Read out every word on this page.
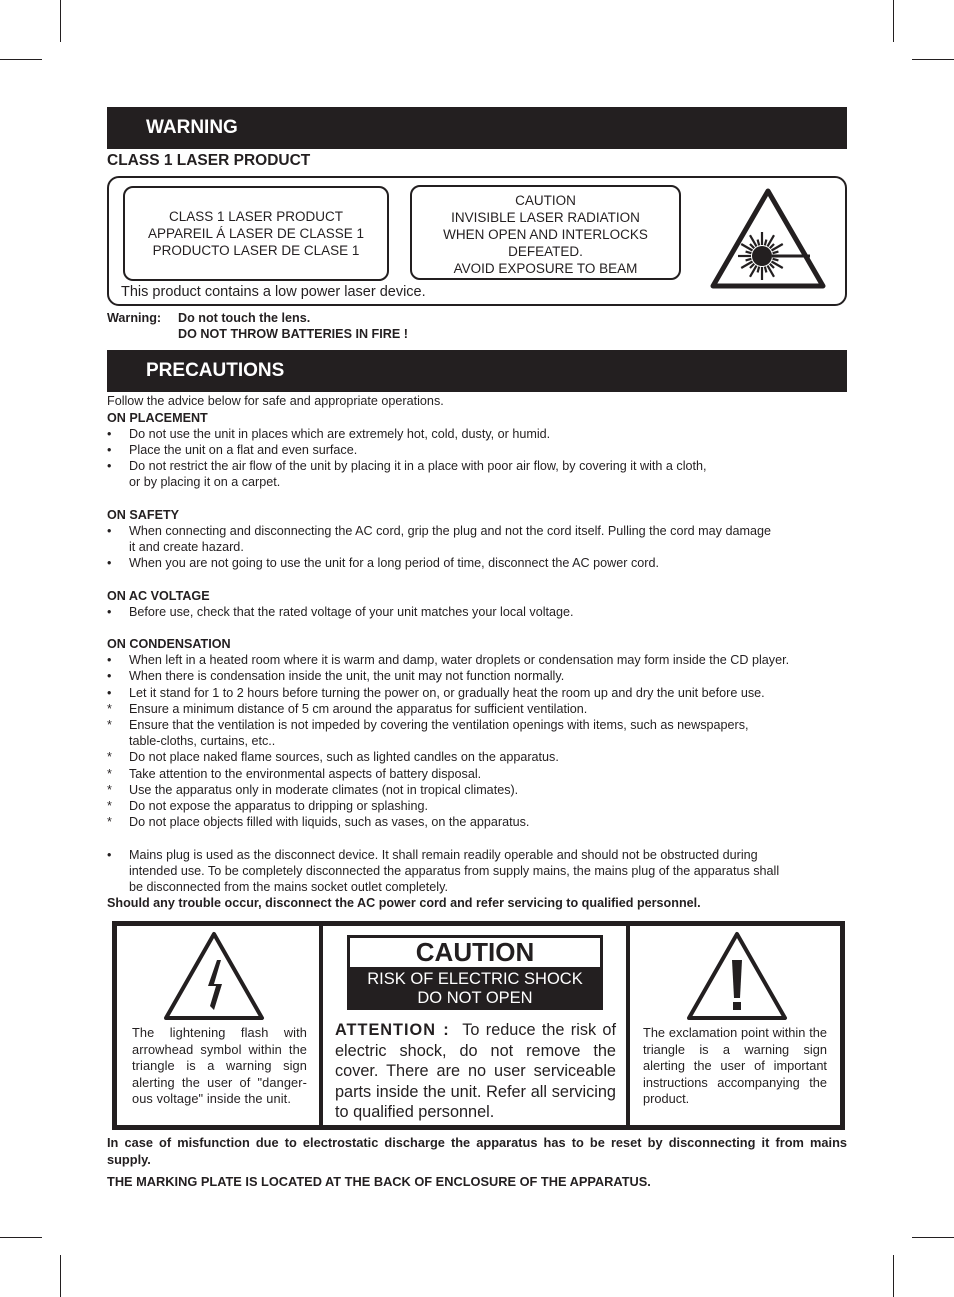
WARNING
CLASS 1 LASER PRODUCT
CLASS 1 LASER PRODUCT
APPAREIL Á LASER DE CLASSE 1
PRODUCTO LASER DE CLASE 1
CAUTION
INVISIBLE LASER RADIATION
WHEN OPEN AND INTERLOCKS
DEFEATED.
AVOID EXPOSURE TO BEAM
This product contains a low power laser device.
Warning: Do not touch the lens.
DO NOT THROW BATTERIES IN FIRE !
PRECAUTIONS
Follow the advice below for safe and appropriate operations.
ON PLACEMENT
• Do not use the unit in places which are extremely hot, cold, dusty, or humid.
• Place the unit on a flat and even surface.
• Do not restrict the air flow of the unit by placing it in a place with poor air flow, by covering it with a cloth,
or by placing it on a carpet.
ON SAFETY
• When connecting and disconnecting the AC cord, grip the plug and not the cord itself. Pulling the cord may damage
it and create hazard.
• When you are not going to use the unit for a long period of time, disconnect the AC power cord.
ON AC VOLTAGE
• Before use, check that the rated voltage of your unit matches your local voltage.
ON CONDENSATION
• When left in a heated room where it is warm and damp, water droplets or condensation may form inside the CD player.
• When there is condensation inside the unit, the unit may not function normally.
• Let it stand for 1 to 2 hours before turning the power on, or gradually heat the room up and dry the unit before use.
* Ensure a minimum distance of 5 cm around the apparatus for sufficient ventilation.
* Ensure that the ventilation is not impeded by covering the ventilation openings with items, such as newspapers,
table-cloths, curtains, etc..
* Do not place naked flame sources, such as lighted candles on the apparatus.
* Take attention to the environmental aspects of battery disposal.
* Use the apparatus only in moderate climates (not in tropical climates).
* Do not expose the apparatus to dripping or splashing.
* Do not place objects filled with liquids, such as vases, on the apparatus.
• Mains plug is used as the disconnect device. It shall remain readily operable and should not be obstructed during
intended use. To be completely disconnected the apparatus from supply mains, the mains plug of the apparatus shall
be disconnected from the mains socket outlet completely.
Should any trouble occur, disconnect the AC power cord and refer servicing to qualified personnel.
The lightening flash with arrowhead symbol within the triangle is a warning sign alerting the user of "danger-ous voltage" inside the unit.
CAUTION
RISK OF ELECTRIC SHOCK
DO NOT OPEN
ATTENTION : To reduce the risk of electric shock, do not remove the cover. There are no user serviceable parts inside the unit. Refer all servicing to qualified personnel.
The exclamation point within the triangle is a warning sign alerting the user of important instructions accompanying the product.
In case of misfunction due to electrostatic discharge the apparatus has to be reset by disconnecting it from mains supply.
THE MARKING PLATE IS LOCATED AT THE BACK OF ENCLOSURE OF THE APPARATUS.
